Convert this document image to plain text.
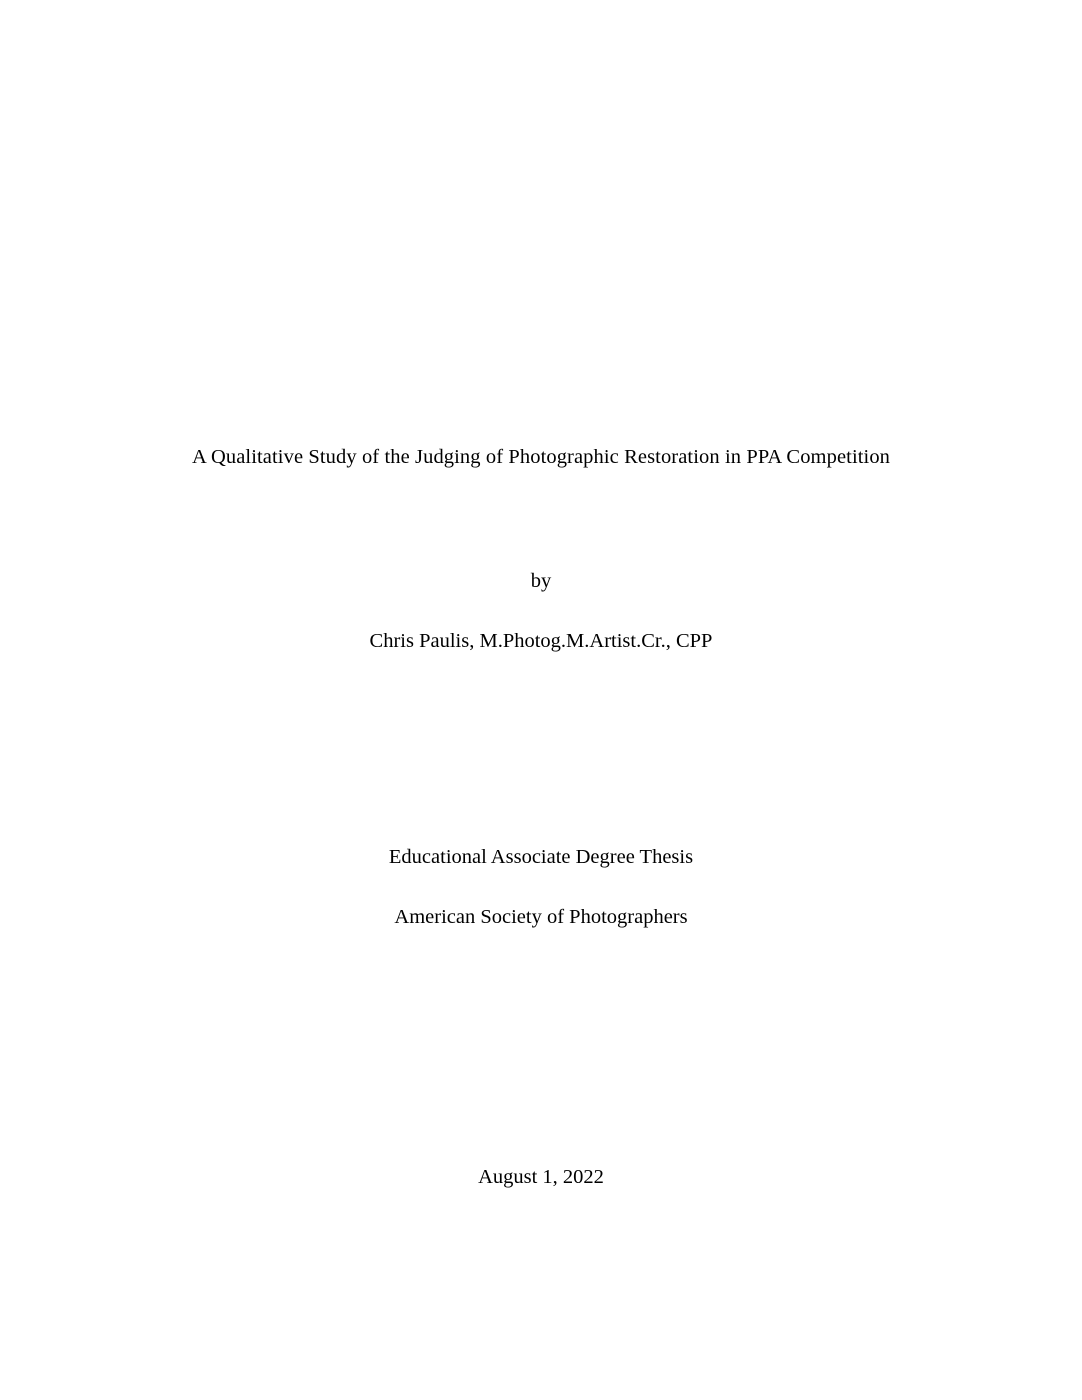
A Qualitative Study of the Judging of Photographic Restoration in PPA Competition
by
Chris Paulis, M.Photog.M.Artist.Cr., CPP
Educational Associate Degree Thesis
American Society of Photographers
August 1, 2022
